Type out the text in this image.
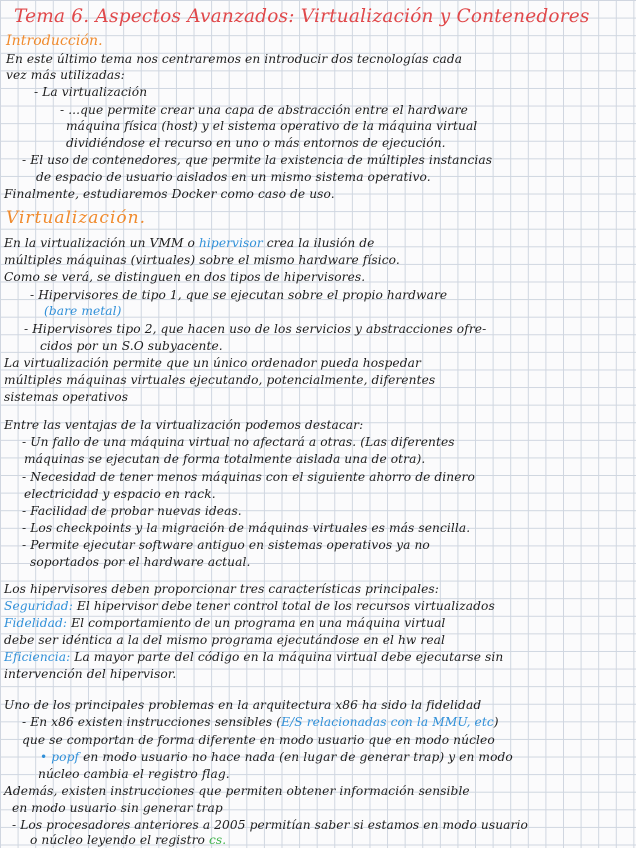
Tema 6. Aspectos Avanzados: Virtualización y Contenedores
Introducción.
En este último tema nos centraremos en introducir dos tecnologías cada
vez más utilizadas:
- La virtualización
- ...que permite crear una capa de abstracción entre el hardware
máquina física (host) y el sistema operativo de la máquina virtual
dividiéndose el recurso en uno o más entornos de ejecución.
- El uso de contenedores, que permite la existencia de múltiples instancias
de espacio de usuario aislados en un mismo sistema operativo.
Finalmente, estudiaremos Docker como caso de uso.
Virtualización.
En la virtualización un VMM o hipervisor crea la ilusión de
múltiples máquinas (virtuales) sobre el mismo hardware físico.
Como se verá, se distinguen en dos tipos de hipervisores.
- Hipervisores de tipo 1, que se ejecutan sobre el propio hardware
(bare metal)
- Hipervisores tipo 2, que hacen uso de los servicios y abstracciones ofre-
cidos por un S.O subyacente.
La virtualización permite que un único ordenador pueda hospedar
múltiples máquinas virtuales ejecutando, potencialmente, diferentes
sistemas operativos
Entre las ventajas de la virtualización podemos destacar:
- Un fallo de una máquina virtual no afectará a otras. (Las diferentes
máquinas se ejecutan de forma totalmente aislada una de otra).
- Necesidad de tener menos máquinas con el siguiente ahorro de dinero
electricidad y espacio en rack.
- Facilidad de probar nuevas ideas.
- Los checkpoints y la migración de máquinas virtuales es más sencilla.
- Permite ejecutar software antiguo en sistemas operativos ya no
soportados por el hardware actual.
Los hipervisores deben proporcionar tres características principales:
Seguridad: El hipervisor debe tener control total de los recursos virtualizados
Fidelidad: El comportamiento de un programa en una máquina virtual
debe ser idéntica a la del mismo programa ejecutándose en el hw real
Eficiencia: La mayor parte del código en la máquina virtual debe ejecutarse sin
intervención del hipervisor.
Uno de los principales problemas en la arquitectura x86 ha sido la fidelidad
- En x86 existen instrucciones sensibles (E/S relacionadas con la MMU, etc)
que se comportan de forma diferente en modo usuario que en modo núcleo
• popf en modo usuario no hace nada (en lugar de generar trap) y en modo
núcleo cambia el registro flag.
Además, existen instrucciones que permiten obtener información sensible
en modo usuario sin generar trap
- Los procesadores anteriores a 2005 permitían saber si estamos en modo usuario
o núcleo leyendo el registro cs.
